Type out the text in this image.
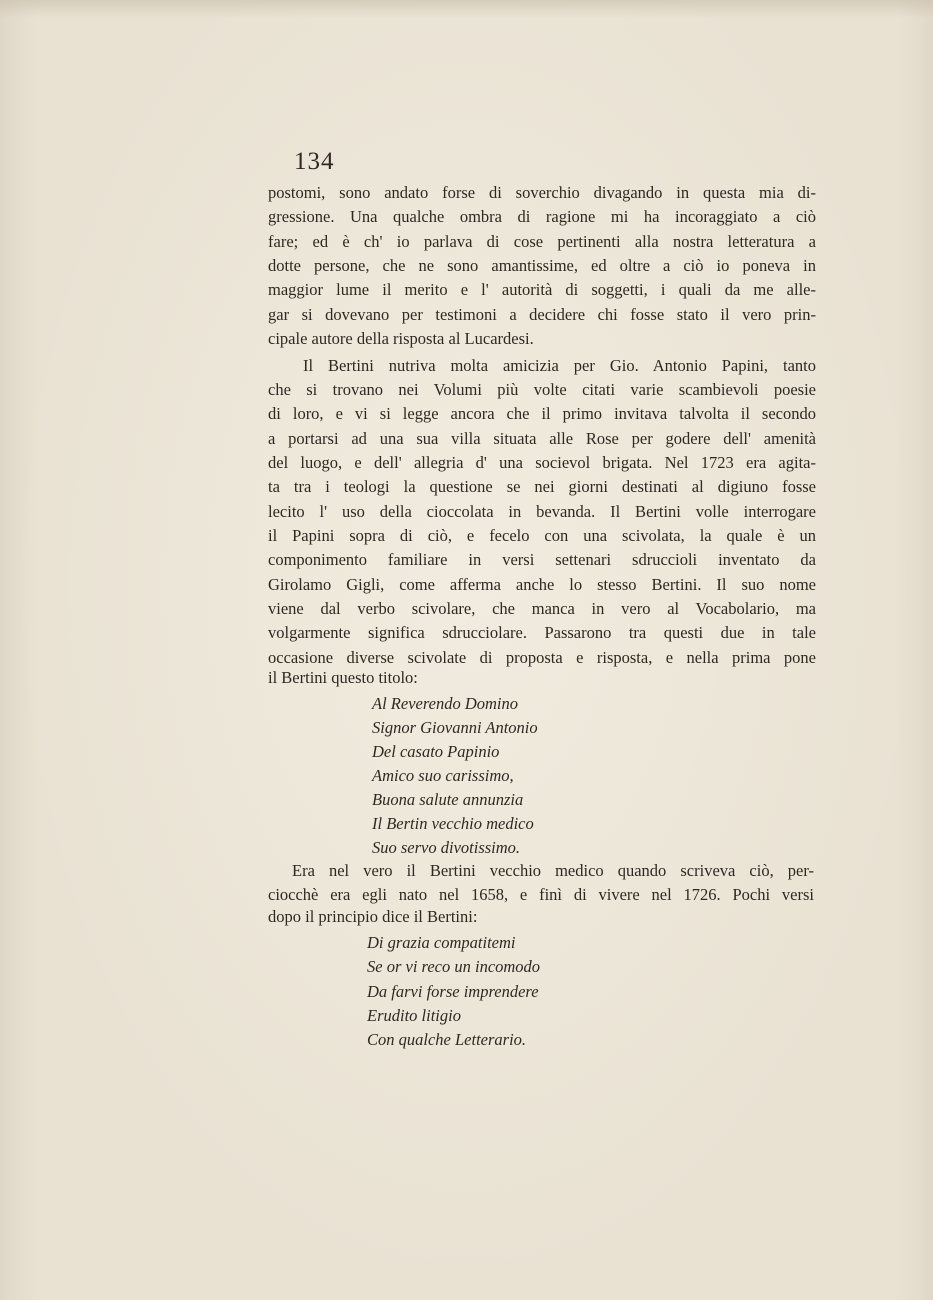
134
postomi, sono andato forse di soverchio divagando in questa mia di-
gressione. Una qualche ombra di ragione mi ha incoraggiato a ciò
fare; ed è ch' io parlava di cose pertinenti alla nostra letteratura a
dotte persone, che ne sono amantissime, ed oltre a ciò io poneva in
maggior lume il merito e l' autorità di soggetti, i quali da me alle-
gar si dovevano per testimoni a decidere chi fosse stato il vero prin-
cipale autore della risposta al Lucardesi.
Il Bertini nutriva molta amicizia per Gio. Antonio Papini, tanto
che si trovano nei Volumi più volte citati varie scambievoli poesie
di loro, e vi si legge ancora che il primo invitava talvolta il secondo
a portarsi ad una sua villa situata alle Rose per godere dell' amenità
del luogo, e dell' allegria d' una socievol brigata. Nel 1723 era agita-
ta tra i teologi la questione se nei giorni destinati al digiuno fosse
lecito l' uso della cioccolata in bevanda. Il Bertini volle interrogare
il Papini sopra di ciò, e fecelo con una scivolata, la quale è un
componimento familiare in versi settenari sdruccioli inventato da
Girolamo Gigli, come afferma anche lo stesso Bertini. Il suo nome
viene dal verbo scivolare, che manca in vero al Vocabolario, ma
volgarmente significa sdrucciolare. Passarono tra questi due in tale
occasione diverse scivolate di proposta e risposta, e nella prima pone
il Bertini questo titolo:
Al Reverendo Domino
Signor Giovanni Antonio
Del casato Papinio
Amico suo carissimo,
Buona salute annunzia
Il Bertin vecchio medico
Suo servo divotissimo.
Era nel vero il Bertini vecchio medico quando scriveva ciò, per-
ciocchè era egli nato nel 1658, e finì di vivere nel 1726. Pochi versi
dopo il principio dice il Bertini:
Di grazia compatitemi
Se or vi reco un incomodo
Da farvi forse imprendere
Erudito litigio
Con qualche Letterario.
